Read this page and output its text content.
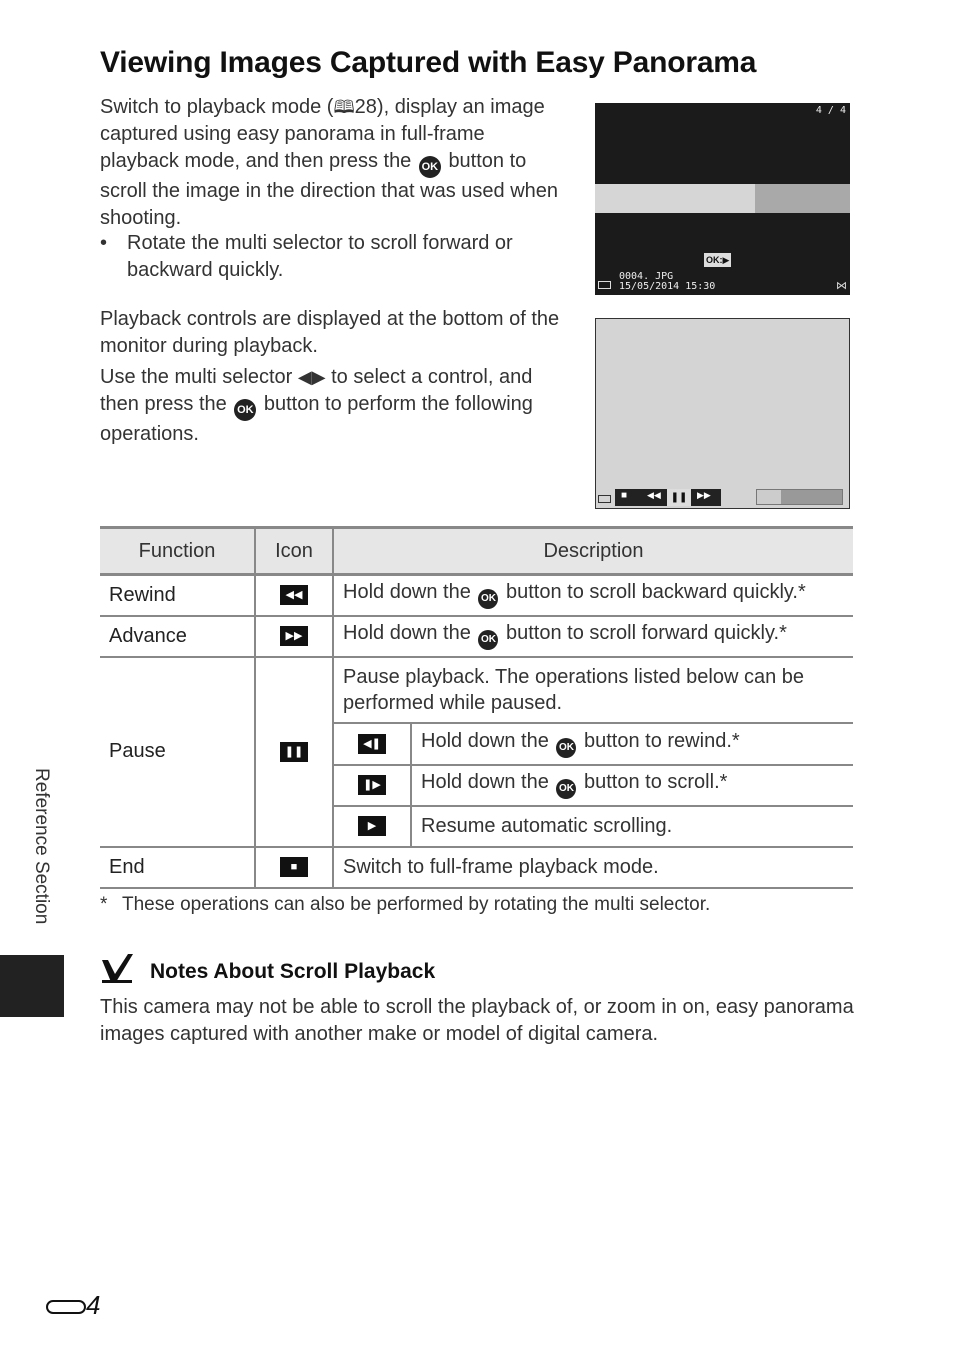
Viewing Images Captured with Easy Panorama
Switch to playback mode (🕮28), display an image captured using easy panorama in full-frame playback mode, and then press the OK button to scroll the image in the direction that was used when shooting.
• Rotate the multi selector to scroll forward or backward quickly.
Playback controls are displayed at the bottom of the monitor during playback.
Use the multi selector ◀▶ to select a control, and then press the OK button to perform the following operations.
4 / 4
OK:▶
0004. JPG
15/05/2014 15:30	⋈
■ ◀◀ ❚❚	▶▶
Function	Icon	Description	
Rewind	◀◀	Hold down the OK button to scroll backward quickly.*	
Advance	▶▶	Hold down the OK button to scroll forward quickly.*	
Pause	❚❚	Pause playback. The operations listed below can be performed while paused.	
		◀❚	Hold down the OK button to rewind.*
		❚▶	Hold down the OK button to scroll.*
		▶	Resume automatic scrolling.
End	■	Switch to full-frame playback mode.	
* These operations can also be performed by rotating the multi selector.
Notes About Scroll Playback
This camera may not be able to scroll the playback of, or zoom in on, easy panorama images captured with another make or model of digital camera.
Reference Section
4
